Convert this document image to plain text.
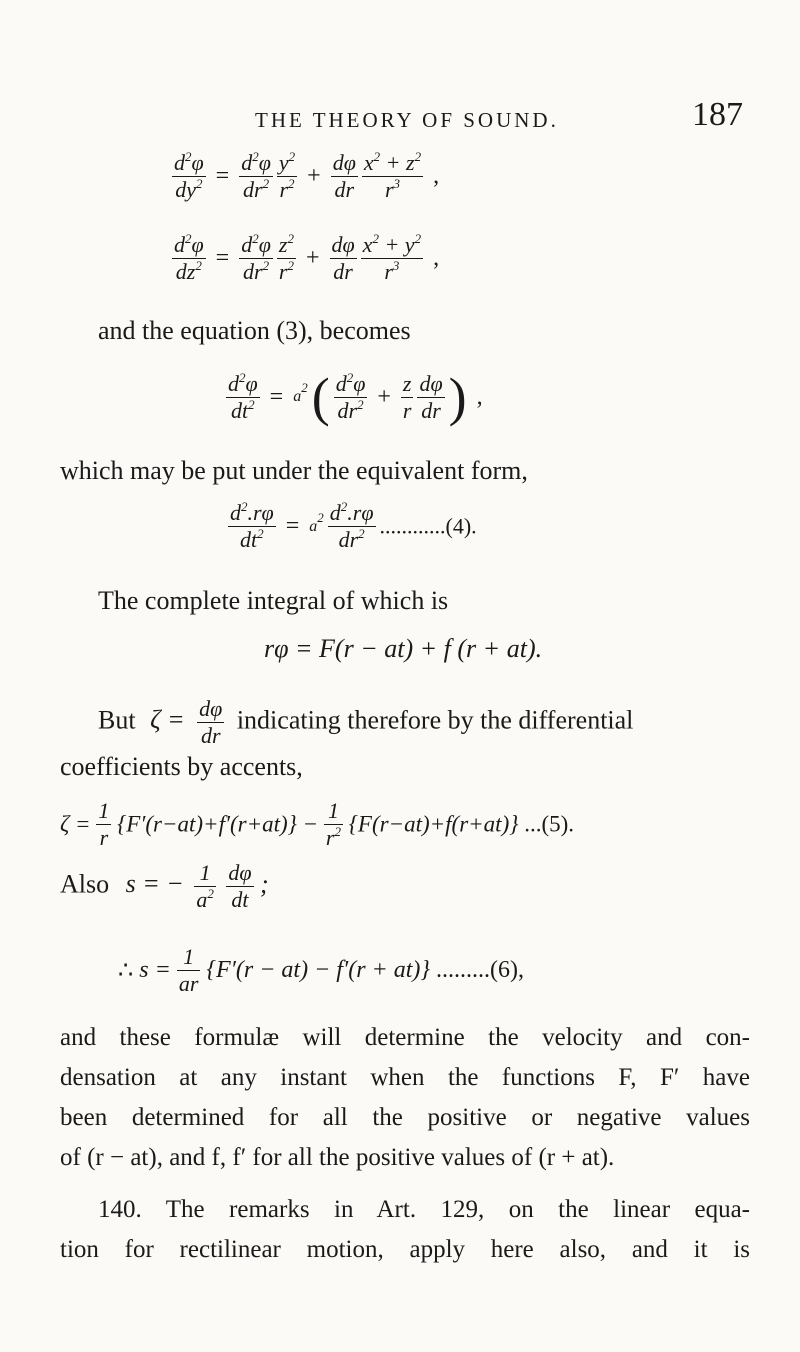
THE THEORY OF SOUND.	187
$\frac{d^2\varphi}{dy^2} = \frac{d^2\varphi}{dr^2}$
$\frac{y^2}{r^2} + \frac{d\varphi}{dr}$
$\frac{x^2 + z^2}{r^3}$ ,
$\frac{d^2\varphi}{dz^2} = \frac{d^2\varphi}{dr^2}$
$\frac{z^2}{r^2} + \frac{d\varphi}{dr}$
$\frac{x^2 + y^2}{r^3}$ ,
and the equation (3), becomes
$\frac{d^2\varphi}{dt^2} = a^2$ ( $\frac{d^2\varphi}{dr^2} + \frac{z}{r}$
$\frac{d\varphi}{dr}$ ) ,
which may be put under the equivalent form,
$\frac{d^2.r\varphi}{dt^2} = a^2 \frac{d^2.r\varphi}{dr^2} ............(4)$.
The complete integral of which is
rφ = F(r − at) + f (r + at).
But $\zeta = \frac{d\varphi}{dr}$ indicating therefore by the differential
coefficients by accents,
$\zeta = \frac{1}{r} \{F'(r-at)+f'(r+at)\} - \frac{1}{r^2} \{F(r-at)+f(r+at)\}$ ...(5).
Also s = − $\frac{1}{a^2}$
$\frac{d\varphi}{dt}$ ;
∴ $s = \frac{1}{ar} \{F'(r - at) - f'(r + at)\}$ .........(6),
and these formulæ will determine the velocity and con-
densation at any instant when the functions F, F′ have
been determined for all the positive or negative values
of (r − at), and f, f′ for all the positive values of (r + at).
140. The remarks in Art. 129, on the linear equa-
tion for rectilinear motion, apply here also, and it is
